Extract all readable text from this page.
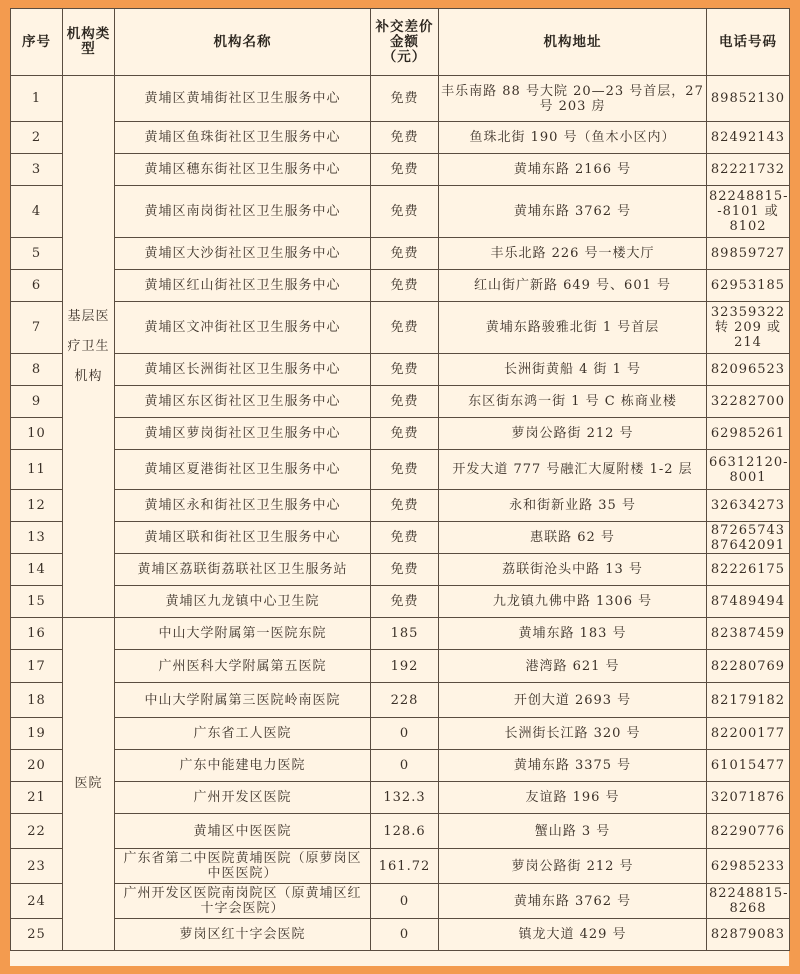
序号	机构类型	机构名称	补交差价金额（元）	机构地址	电话号码
1	基层医疗卫生机构	黄埔区黄埔街社区卫生服务中心	免费	丰乐南路 88 号大院 20—23 号首层，27 号 203 房	89852130
2		黄埔区鱼珠街社区卫生服务中心	免费	鱼珠北街 190 号（鱼木小区内）	82492143
3		黄埔区穗东街社区卫生服务中心	免费	黄埔东路 2166 号	82221732
4		黄埔区南岗街社区卫生服务中心	免费	黄埔东路 3762 号	82248815--8101 或 8102
5		黄埔区大沙街社区卫生服务中心	免费	丰乐北路 226 号一楼大厅	89859727
6		黄埔区红山街社区卫生服务中心	免费	红山街广新路 649 号、601 号	62953185
7		黄埔区文冲街社区卫生服务中心	免费	黄埔东路骏雅北街 1 号首层	32359322 转 209 或 214
8		黄埔区长洲街社区卫生服务中心	免费	长洲街黄船 4 街 1 号	82096523
9		黄埔区东区街社区卫生服务中心	免费	东区街东鸿一街 1 号 C 栋商业楼	32282700
10		黄埔区萝岗街社区卫生服务中心	免费	萝岗公路街 212 号	62985261
11		黄埔区夏港街社区卫生服务中心	免费	开发大道 777 号融汇大厦附楼 1-2 层	66312120-8001
12		黄埔区永和街社区卫生服务中心	免费	永和街新业路 35 号	32634273
13		黄埔区联和街社区卫生服务中心	免费	惠联路 62 号	87265743 87642091
14		黄埔区荔联街荔联社区卫生服务站	免费	荔联街沧头中路 13 号	82226175
15		黄埔区九龙镇中心卫生院	免费	九龙镇九佛中路 1306 号	87489494
16	医院	中山大学附属第一医院东院	185	黄埔东路 183 号	82387459
17		广州医科大学附属第五医院	192	港湾路 621 号	82280769
18		中山大学附属第三医院岭南医院	228	开创大道 2693 号	82179182
19		广东省工人医院	0	长洲街长江路 320 号	82200177
20		广东中能建电力医院	0	黄埔东路 3375 号	61015477
21		广州开发区医院	132.3	友谊路 196 号	32071876
22		黄埔区中医医院	128.6	蟹山路 3 号	82290776
23		广东省第二中医院黄埔医院（原萝岗区中医医院）	161.72	萝岗公路街 212 号	62985233
24		广州开发区医院南岗院区（原黄埔区红十字会医院）	0	黄埔东路 3762 号	82248815-8268
25		萝岗区红十字会医院	0	镇龙大道 429 号	82879083
